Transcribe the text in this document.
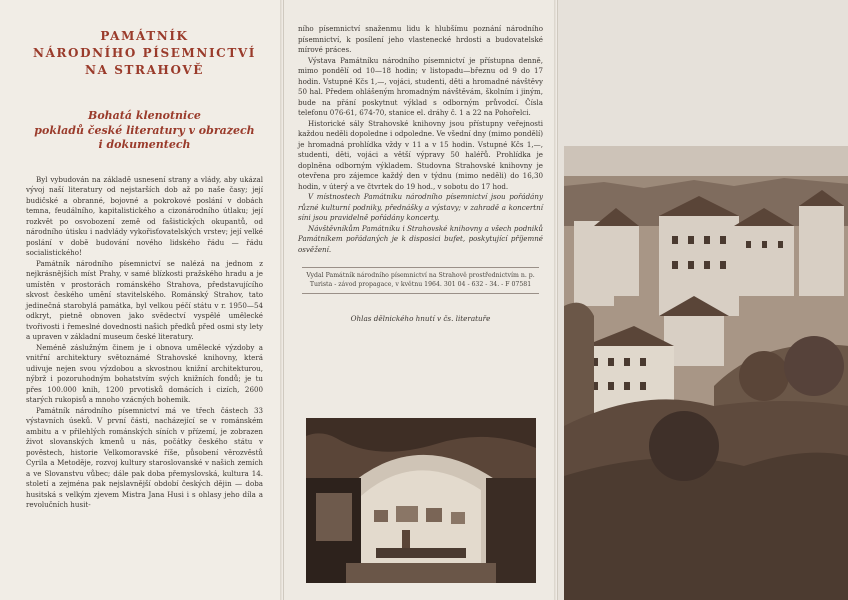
PAMÁTNÍK
NÁRODNÍHO PÍSEMNICTVÍ
NA STRAHOVĚ
Bohatá klenotnice
pokladů české literatury v obrazech
i dokumentech

Byl vybudován na základě usnesení strany a vlády, aby ukázal vývoj naší literatury od nejstarších dob až po naše časy; její budičské a obranné, bojovné a pokrokové poslání v dobách temna, feudálního, kapitalistického a cizonárodního útlaku; její rozkvět po osvobození země od fašistických okupantů, od národního útisku i nadvlády vykořisťovatelských vrstev; její velké poslání v době budování nového lidského řádu — řádu socialistického!

Památník národního písemnictví se nalézá na jednom z nejkrásnějších míst Prahy, v samé blízkosti pražského hradu a je umístěn v prostorách románského Strahova, představujícího skvost českého umění stavitelského. Románský Strahov, tato jedinečná starobylá památka, byl velkou péčí státu v r. 1950—54 odkryt, pietně obnoven jako svědectví vyspělé umělecké tvořivosti i řemeslné dovednosti našich předků před osmi sty lety a upraven v základní museum české literatury.

Neméně záslužným činem je i obnova umělecké výzdoby a vnitřní architektury světoznámé Strahovské knihovny, která udivuje nejen svou výzdobou a skvostnou knižní architekturou, nýbrž i pozoruhodným bohatstvím svých knižních fondů; je tu přes 100.000 knih, 1200 prvotisků domácích i cizích, 2600 starých rukopisů a mnoho vzácných bohemik.

Památník národního písemnictví má ve třech částech 33 výstavních úseků. V první části, nacházející se v románském ambitu a v přilehlých románských síních v přízemí, je zobrazen život slovanských kmenů u nás, počátky českého státu v pověstech, historie Velkomoravské říše, působení věrozvěstů Cyrila a Metoděje, rozvoj kultury staroslovanské v našich zemích a ve Slovanstvu vůbec; dále pak doba přemyslovská, kultura 14. století a zejména pak nejslavnější období českých dějin — doba husitská s velkým zjevem Mistra Jana Husi i s ohlasy jeho díla a revolučních husit-

ního písemnictví snaženmu lidu k hlubšímu poznání národního písemnictví, k posílení jeho vlastenecké hrdosti a budovatelské mírové práces.

Výstava Památníku národního písemnictví je přístupna denně, mimo pondělí od 10—18 hodin; v listopadu—březnu od 9 do 17 hodin. Vstupné Kčs 1,—, vojáci, studenti, děti a hromadné návštěvy 50 hal. Předem ohlášeným hromadným návštěvám, školním i jiným, bude na přání poskytnut výklad s odborným průvodcí. Čísla telefonu 076-61, 674-70, stanice el. dráhy č. 1 a 22 na Pohořelci.

Historické sály Strahovské knihovny jsou přístupny veřejnosti každou neděli dopoledne i odpoledne. Ve všední dny (mimo pondělí) je hromadná prohlídka vždy v 11 a v 15 hodin. Vstupné Kčs 1,—, studenti, děti, vojáci a větší výpravy 50 haléřů. Prohlídka je doplněna odborným výkladem. Studovna Strahovské knihovny je otevřena pro zájemce každý den v týdnu (mimo neděli) do 16,30 hodin, v úterý a ve čtvrtek do 19 hod., v sobotu do 17 hod.

V místnostech Památníku národního písemnictví jsou pořádány různé kulturní podniky, přednášky a výstavy; v zahradě a koncertní síni jsou pravidelně pořádány koncerty.

Návštěvníkům Památníku i Strahovské knihovny a všech podniků Památníkem pořádaných je k disposici bufet, poskytující příjemné osvěžení.

Vydal Památník národního písemnictví na Strahově prostřednictvím n. p. Turista - závod propagace, v květnu 1964. 301 04 - 632 - 34. - F 07581
Ohlas dělnického hnutí v čs. literatuře
